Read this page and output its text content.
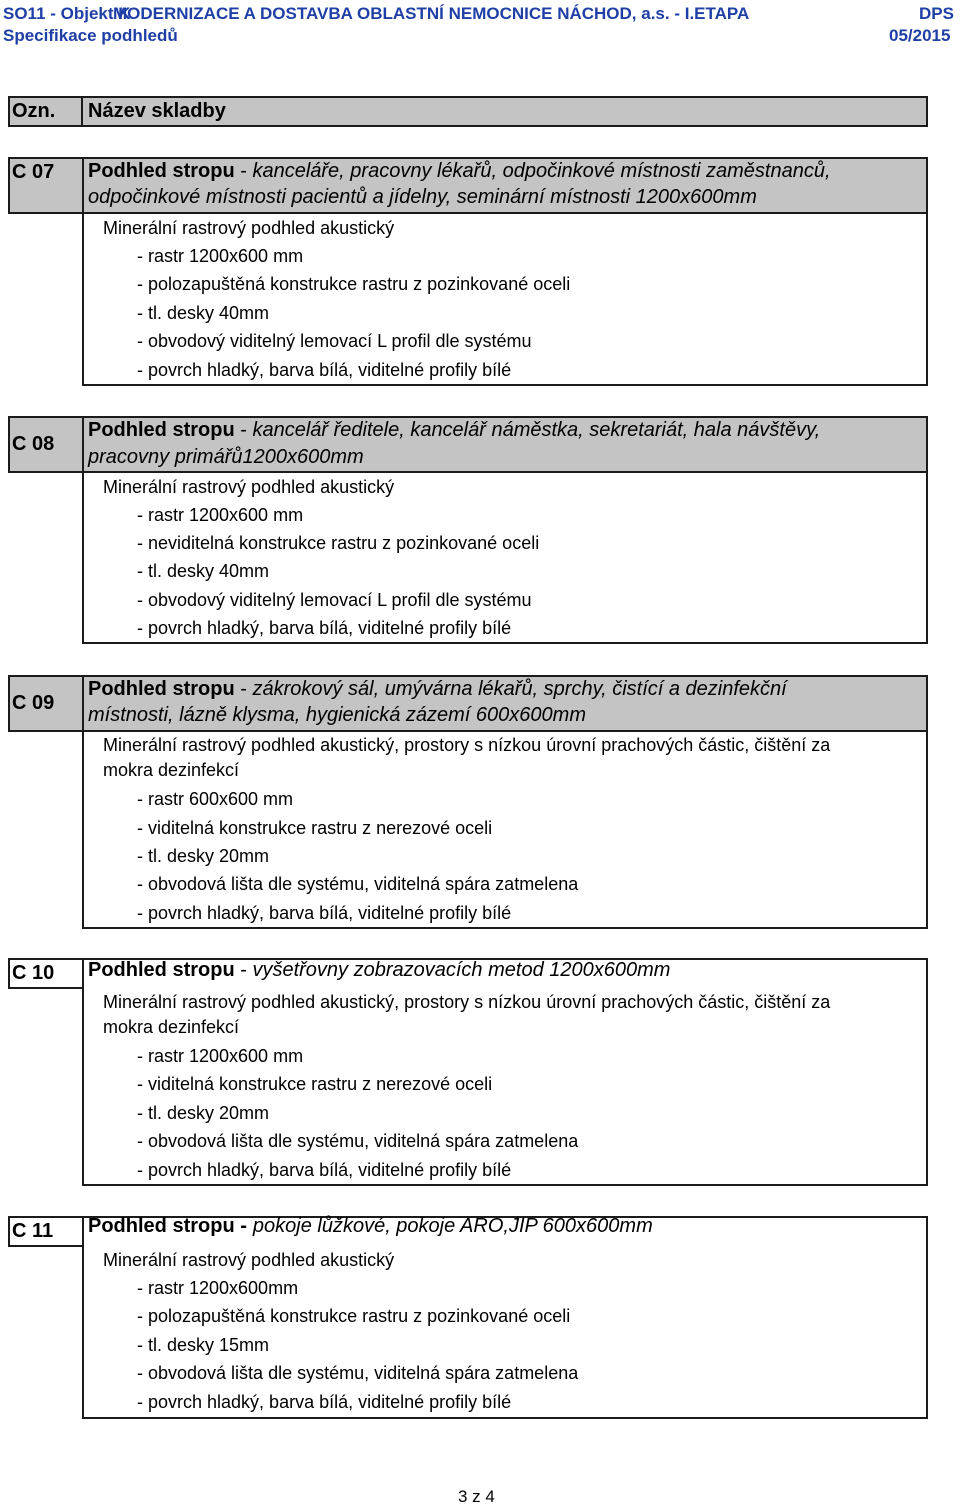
SO11 - Objekt K
MODERNIZACE A DOSTAVBA OBLASTNÍ NEMOCNICE NÁCHOD, a.s. - I.ETAPA	DPS
Specifikace podhledů	05/2015
Ozn. Název skladby
C 07 Podhled stropu - kanceláře, pracovny lékařů, odpočinkové místnosti zaměstnanců,
odpočinkové místnosti pacientů a jídelny, seminární místnosti 1200x600mm
Minerální rastrový podhled akustický
- rastr 1200x600 mm
- polozapuštěná konstrukce rastru z pozinkované oceli
- tl. desky 40mm
- obvodový viditelný lemovací L profil dle systému
- povrch hladký, barva bílá, viditelné profily bílé
C 08
Podhled stropu - kancelář ředitele, kancelář náměstka, sekretariát, hala návštěvy,
pracovny primářů1200x600mm
Minerální rastrový podhled akustický
- rastr 1200x600 mm
- neviditelná konstrukce rastru z pozinkované oceli
- tl. desky 40mm
- obvodový viditelný lemovací L profil dle systému
- povrch hladký, barva bílá, viditelné profily bílé
C 09
Podhled stropu - zákrokový sál, umývárna lékařů, sprchy, čistící a dezinfekční
místnosti, lázně klysma, hygienická zázemí 600x600mm
Minerální rastrový podhled akustický, prostory s nízkou úrovní prachových částic, čištění za
mokra dezinfekcí
- rastr 600x600 mm
- viditelná konstrukce rastru z nerezové oceli
- tl. desky 20mm
- obvodová lišta dle systému, viditelná spára zatmelena
- povrch hladký, barva bílá, viditelné profily bílé
C 10 Podhled stropu - vyšetřovny zobrazovacích metod 1200x600mm
Minerální rastrový podhled akustický, prostory s nízkou úrovní prachových částic, čištění za
mokra dezinfekcí
- rastr 1200x600 mm
- viditelná konstrukce rastru z nerezové oceli
- tl. desky 20mm
- obvodová lišta dle systému, viditelná spára zatmelena
- povrch hladký, barva bílá, viditelné profily bílé
C 11 Podhled stropu - pokoje lůžkové, pokoje ARO,JIP 600x600mm
Minerální rastrový podhled akustický
- rastr 1200x600mm
- polozapuštěná konstrukce rastru z pozinkované oceli
- tl. desky 15mm
- obvodová lišta dle systému, viditelná spára zatmelena
- povrch hladký, barva bílá, viditelné profily bílé
3 z 4
